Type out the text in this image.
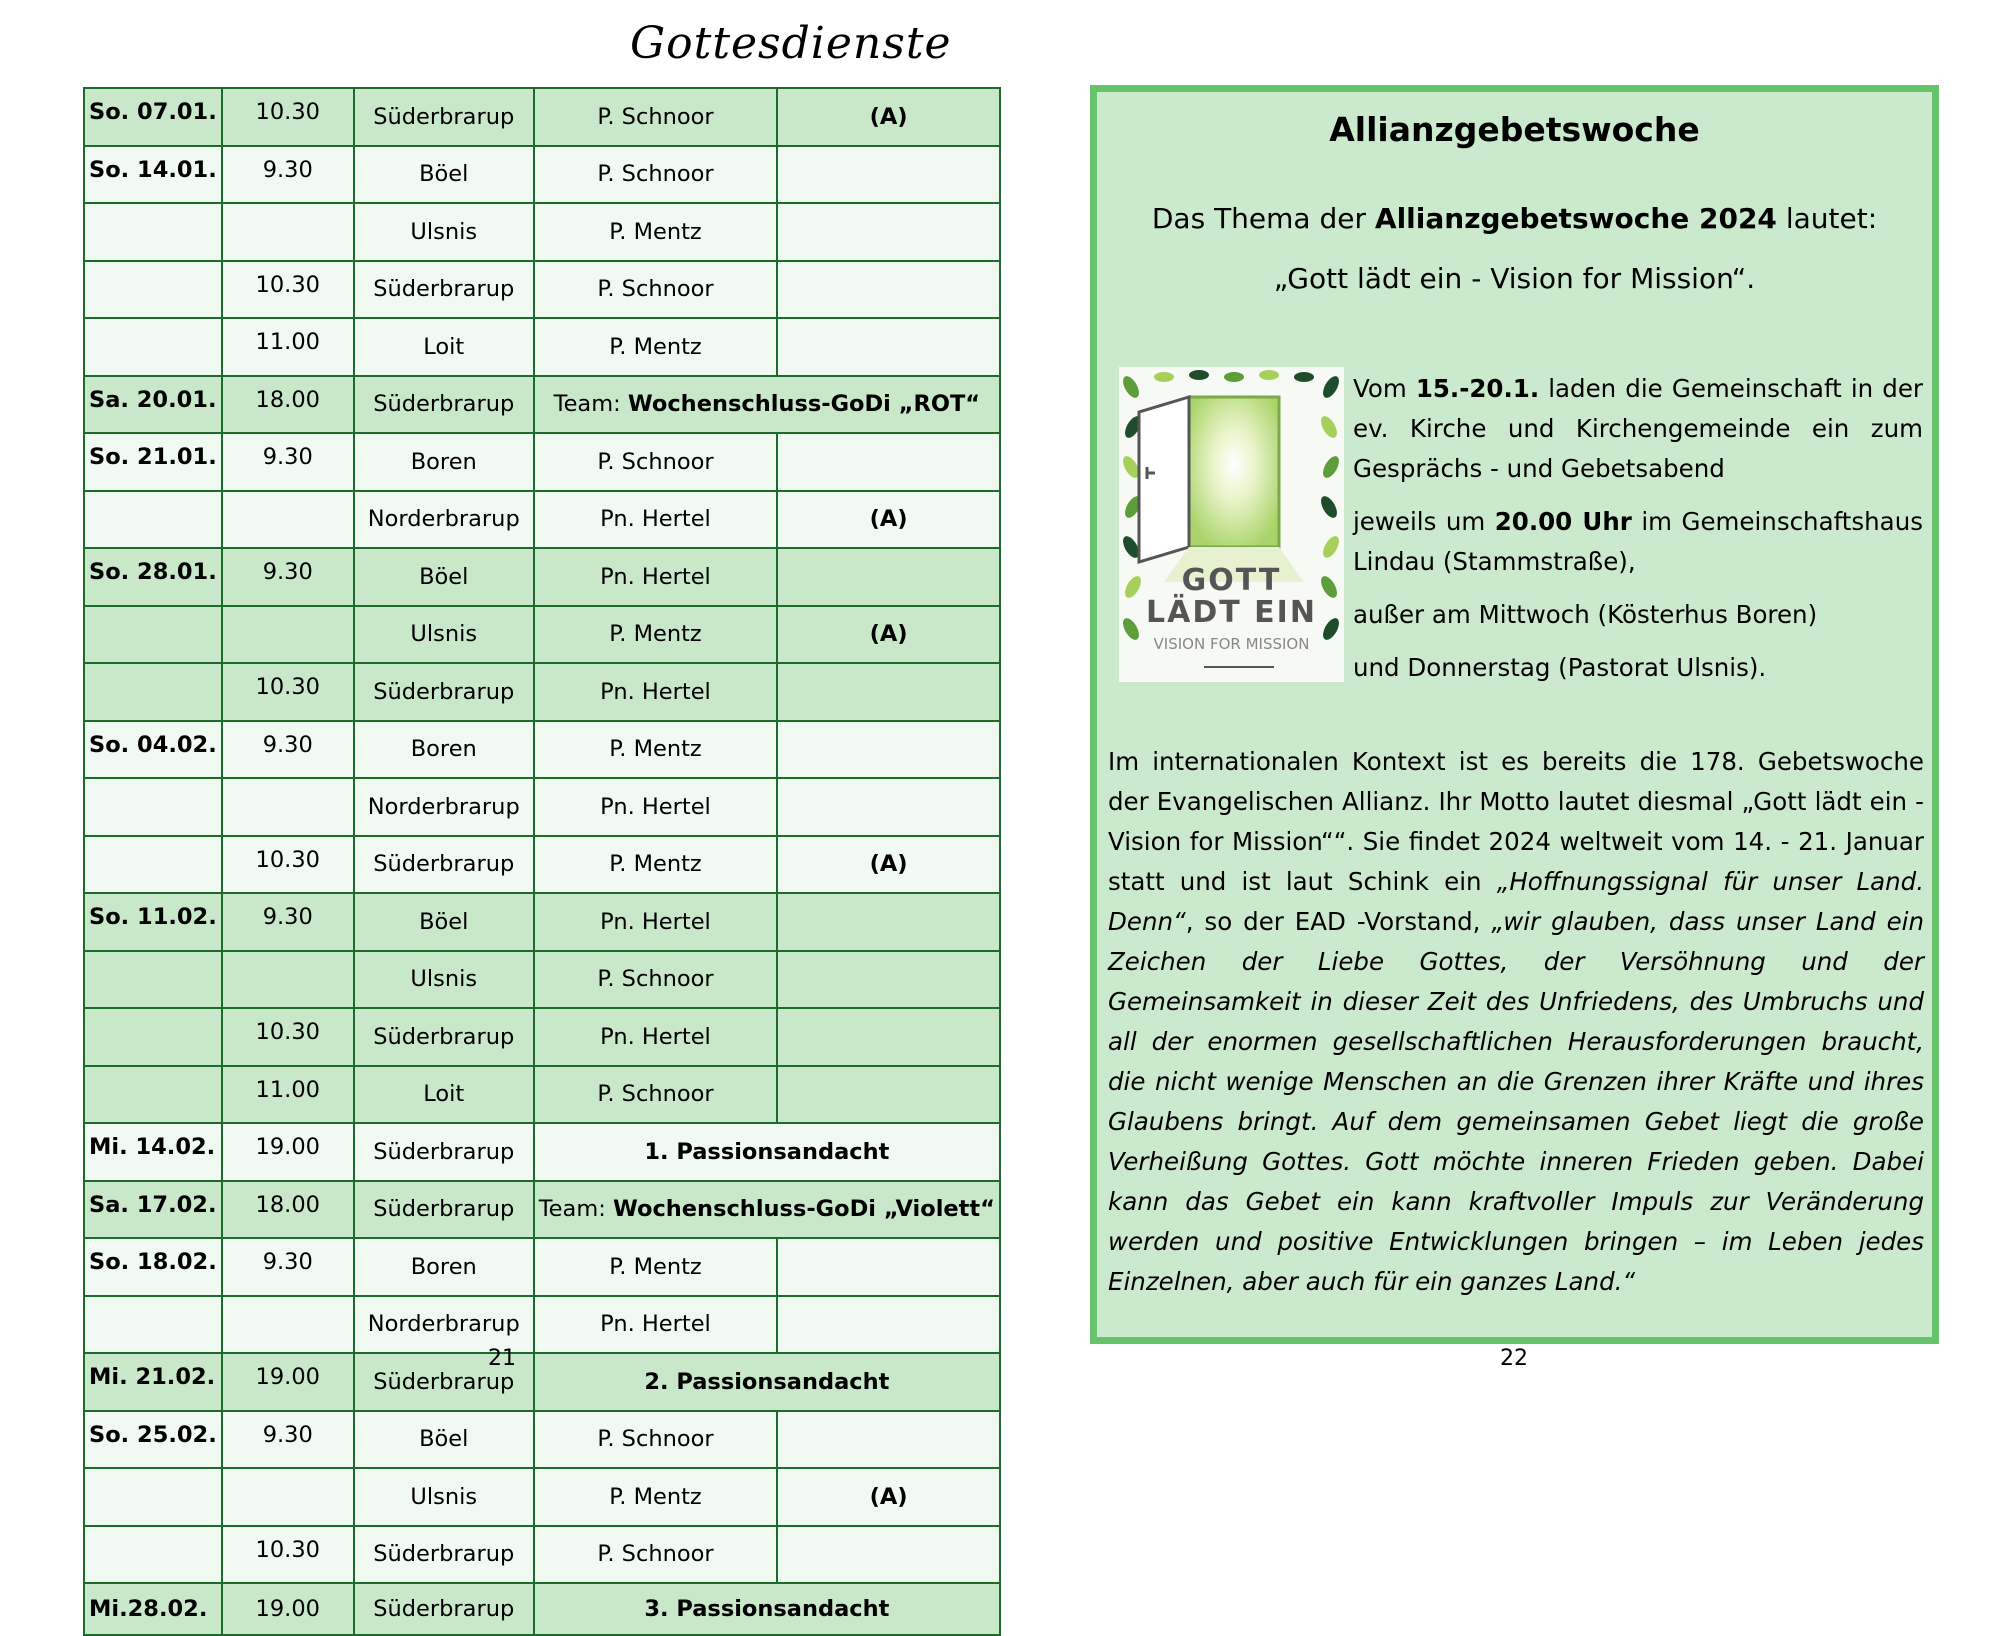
Gottesdienste
So. 07.01.	10.30	Süderbrarup	P. Schnoor	(A)
So. 14.01.	9.30	Böel	P. Schnoor	
		Ulsnis	P. Mentz	
	10.30	Süderbrarup	P. Schnoor	
	11.00	Loit	P. Mentz	
Sa. 20.01.	18.00	Süderbrarup	Team: Wochenschluss-GoDi „ROT“	
So. 21.01.	9.30	Boren	P. Schnoor	
		Norderbrarup	Pn. Hertel	(A)
So. 28.01.	9.30	Böel	Pn. Hertel	
		Ulsnis	P. Mentz	(A)
	10.30	Süderbrarup	Pn. Hertel	
So. 04.02.	9.30	Boren	P. Mentz	
		Norderbrarup	Pn. Hertel	
	10.30	Süderbrarup	P. Mentz	(A)
So. 11.02.	9.30	Böel	Pn. Hertel	
		Ulsnis	P. Schnoor	
	10.30	Süderbrarup	Pn. Hertel	
	11.00	Loit	P. Schnoor	
Mi. 14.02.	19.00	Süderbrarup	1. Passionsandacht	
Sa. 17.02.	18.00	Süderbrarup	Team: Wochenschluss-GoDi „Violett“	
So. 18.02.	9.30	Boren	P. Mentz	
		Norderbrarup	Pn. Hertel	
Mi. 21.02.	19.00	Süderbrarup	2. Passionsandacht	
So. 25.02.	9.30	Böel	P. Schnoor	
		Ulsnis	P. Mentz	(A)
	10.30	Süderbrarup	P. Schnoor	
Mi.28.02.	19.00	Süderbrarup	3. Passionsandacht	
21	22
Allianzgebetswoche
Das Thema der Allianzgebetswoche 2024 lautet:
„Gott lädt ein - Vision for Mission“.
GOTT
LÄDT EIN
VISION FOR MISSION

Vom 15.-20.1. laden die Gemeinschaft in der ev. Kirche und Kirchengemeinde ein zum Gesprächs - und Gebetsabend

jeweils um 20.00 Uhr im Gemeinschaftshaus Lindau (Stammstraße),

außer am Mittwoch (Kösterhus Boren)

und Donnerstag (Pastorat Ulsnis).

Im internationalen Kontext ist es bereits die 178. Gebetswoche der Evangelischen Allianz. Ihr Motto lautet diesmal „Gott lädt ein - Vision for Mission““. Sie findet 2024 weltweit vom 14. - 21. Januar statt und ist laut Schink ein „Hoffnungssignal für unser Land. Denn“, so der EAD -Vorstand, „wir glauben, dass unser Land ein Zeichen der Liebe Gottes, der Versöhnung und der Gemeinsamkeit in dieser Zeit des Unfriedens, des Umbruchs und all der enormen gesellschaftlichen Herausforderungen braucht, die nicht wenige Menschen an die Grenzen ihrer Kräfte und ihres Glaubens bringt. Auf dem gemeinsamen Gebet liegt die große Verheißung Gottes. Gott möchte inneren Frieden geben. Dabei kann das Gebet ein kann kraftvoller Impuls zur Veränderung werden und positive Entwicklungen bringen – im Leben jedes Einzelnen, aber auch für ein ganzes Land.“
